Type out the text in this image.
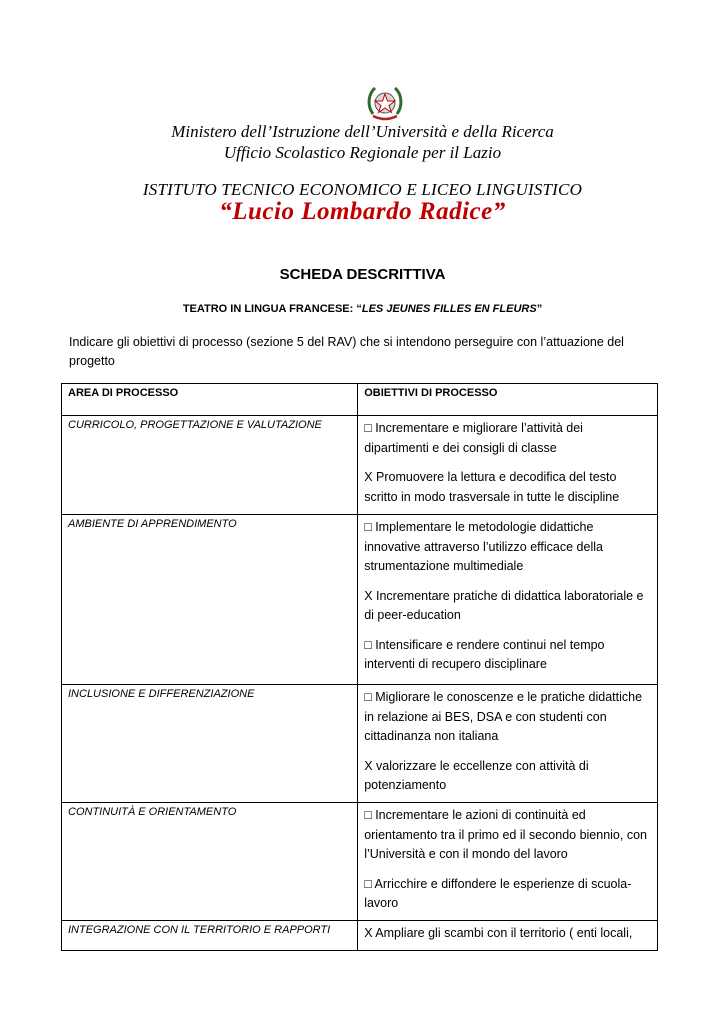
Ministero dell’Istruzione dell’Università e della Ricerca
Ufficio Scolastico Regionale per il Lazio
ISTITUTO TECNICO ECONOMICO E LICEO LINGUISTICO
“Lucio Lombardo Radice”
SCHEDA DESCRITTIVA
TEATRO IN LINGUA FRANCESE: “LES JEUNES FILLES EN FLEURS”
Indicare gli obiettivi di processo (sezione 5 del RAV) che si intendono perseguire con l’attuazione del progetto
AREA DI PROCESSO	OBIETTIVI DI PROCESSO
CURRICOLO, PROGETTAZIONE E VALUTAZIONE	□ Incrementare e migliorare l’attività dei dipartimenti e dei consigli di classe

X Promuovere la lettura e decodifica del testo scritto in modo trasversale in tutte le discipline

AMBIENTE DI APPRENDIMENTO	□ Implementare le metodologie didattiche innovative attraverso l’utilizzo efficace della strumentazione multimediale

X Incrementare pratiche di didattica laboratoriale e di peer-education

□ Intensificare e rendere continui nel tempo interventi di recupero disciplinare

INCLUSIONE E DIFFERENZIAZIONE	□ Migliorare le conoscenze e le pratiche didattiche in relazione ai BES, DSA e con studenti con cittadinanza non italiana

X valorizzare le eccellenze con attività di potenziamento

CONTINUITÀ E ORIENTAMENTO	□ Incrementare le azioni di continuità ed orientamento tra il primo ed il secondo biennio, con l’Università e con il mondo del lavoro

□ Arricchire e diffondere le esperienze di scuola-lavoro

INTEGRAZIONE CON IL TERRITORIO E RAPPORTI	X Ampliare gli scambi con il territorio ( enti locali,
